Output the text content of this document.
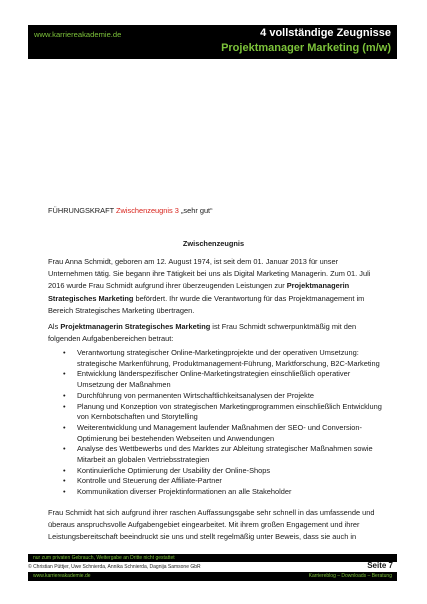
www.karriereakademie.de	4 vollständige Zeugnisse
Projektmanager Marketing (m/w)
FÜHRUNGSKRAFT Zwischenzeugnis 3 „sehr gut“
Zwischenzeugnis
Frau Anna Schmidt, geboren am 12. August 1974, ist seit dem 01. Januar 2013 für unser Unternehmen tätig. Sie begann ihre Tätigkeit bei uns als Digital Marketing Managerin. Zum 01. Juli 2016 wurde Frau Schmidt aufgrund ihrer überzeugenden Leistungen zur Projektmanagerin Strategisches Marketing befördert. Ihr wurde die Verantwortung für das Projektmanagement im Bereich Strategisches Marketing übertragen.
Als Projektmanagerin Strategisches Marketing ist Frau Schmidt schwerpunktmäßig mit den folgenden Aufgabenbereichen betraut:
• Verantwortung strategischer Online-Marketingprojekte und der operativen Umsetzung: strategische Markenführung, Produktmanagement-Führung, Marktforschung, B2C-Marketing
• Entwicklung länderspezifischer Online-Marketingstrategien einschließlich operativer Umsetzung der Maßnahmen
• Durchführung von permanenten Wirtschaftlichkeitsanalysen der Projekte
• Planung und Konzeption von strategischen Marketingprogrammen einschließlich Entwicklung von Kernbotschaften und Storytelling
• Weiterentwicklung und Management laufender Maßnahmen der SEO- und Conversion-Optimierung bei bestehenden Webseiten und Anwendungen
• Analyse des Wettbewerbs und des Marktes zur Ableitung strategischer Maßnahmen sowie Mitarbeit an globalen Vertriebsstrategien
• Kontinuierliche Optimierung der Usability der Online-Shops
• Kontrolle und Steuerung der Affiliate-Partner
• Kommunikation diverser Projektinformationen an alle Stakeholder
Frau Schmidt hat sich aufgrund ihrer raschen Auffassungsgabe sehr schnell in das umfassende und überaus anspruchsvolle Aufgabengebiet eingearbeitet. Mit ihrem großen Engagement und ihrer Leistungsbereitschaft beeindruckt sie uns und stellt regelmäßig unter Beweis, dass sie auch in
nur zum privaten Gebrauch, Weitergabe an Dritte nicht gestattet
© Christian Püttjer, Uwe Schnierda, Annika Schnierda, Dagnija Samsone GbR	Seite 7
www.karriereakademie.de	Karriereblog – Downloads – Beratung
